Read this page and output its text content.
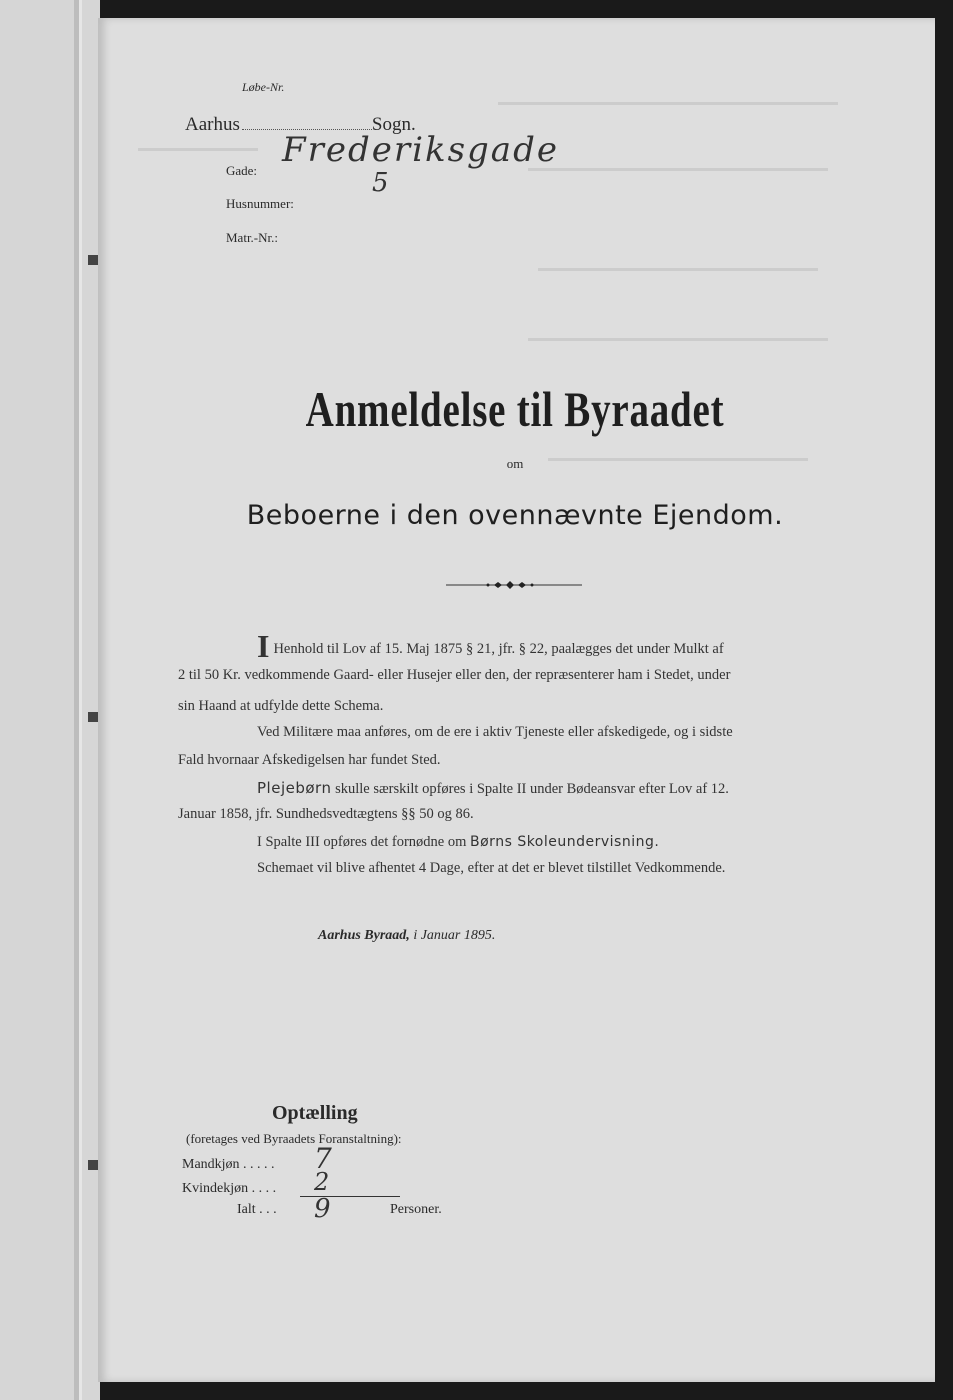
Løbe-Nr.
Aarhus	Sogn.
Gade:
Frederiksgade
Husnummer:
5
Matr.-Nr.:
Anmeldelse til Byraadet
om
Beboerne i den ovennævnte Ejendom.
I Henhold til Lov af 15. Maj 1875 § 21, jfr. § 22, paalægges det under Mulkt af
2 til 50 Kr. vedkommende Gaard- eller Husejer eller den, der repræsenterer ham i Stedet, under
sin Haand at udfylde dette Schema.
Ved Militære maa anføres, om de ere i aktiv Tjeneste eller afskedigede, og i sidste
Fald hvornaar Afskedigelsen har fundet Sted.
Plejebørn skulle særskilt opføres i Spalte II under Bødeansvar efter Lov af 12.
Januar 1858, jfr. Sundhedsvedtægtens §§ 50 og 86.
I Spalte III opføres det fornødne om Børns Skoleundervisning.
Schemaet vil blive afhentet 4 Dage, efter at det er blevet tilstillet Vedkommende.
Aarhus Byraad, i Januar 1895.
Optælling
(foretages ved Byraadets Foranstaltning):
Mandkjøn . . . . . 7
Kvindekjøn . . . . 2
Ialt . . . 9	Personer.
